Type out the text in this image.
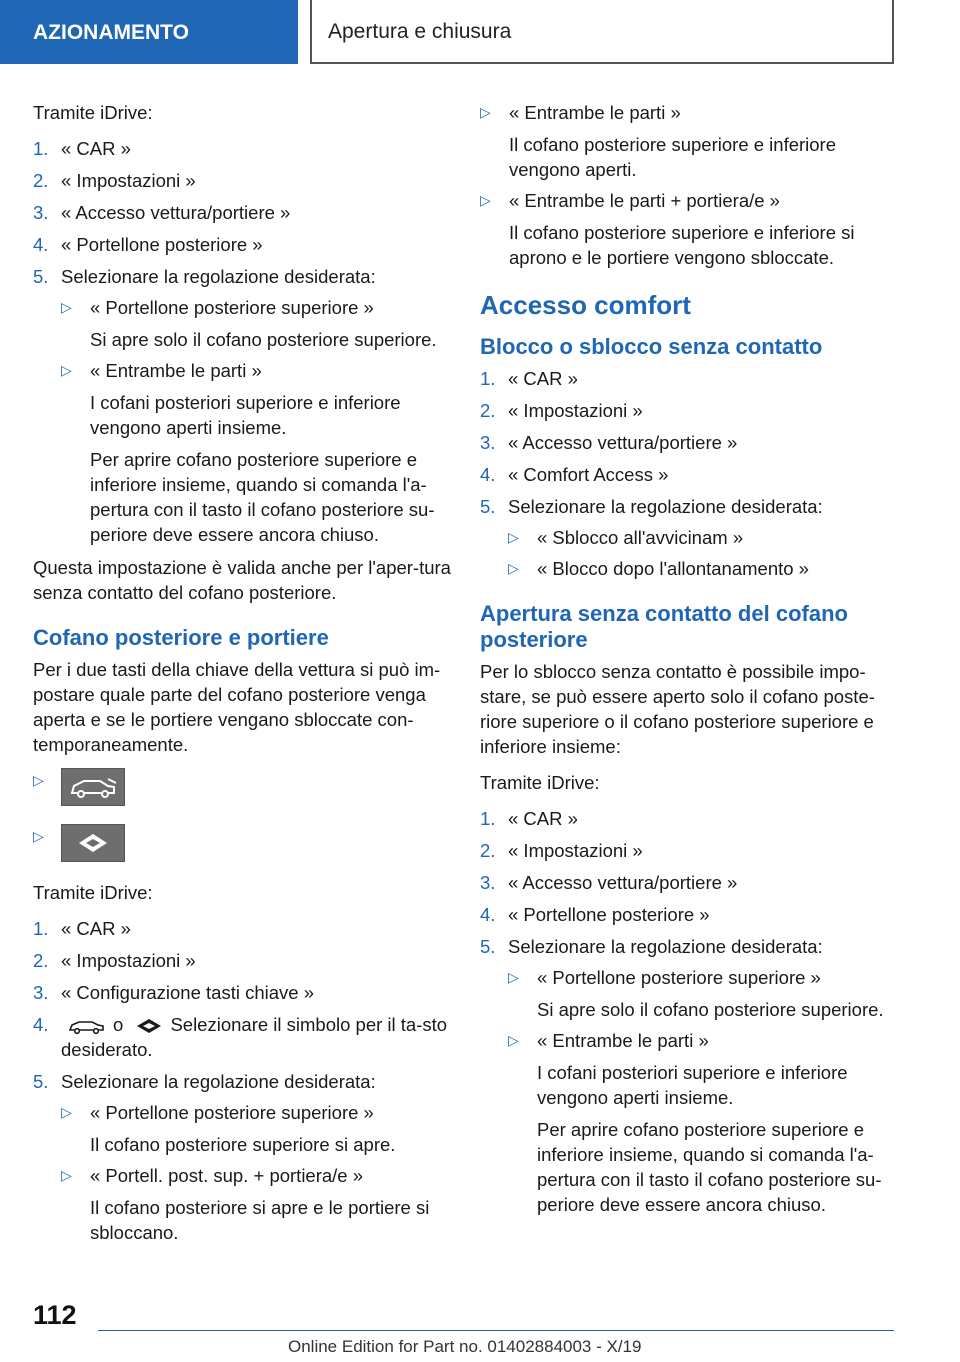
AZIONAMENTO	Apertura e chiusura

Tramite iDrive:

1. « CAR »
2. « Impostazioni »
3. « Accesso vettura/portiere »
4. « Portellone posteriore »
5. Selezionare la regolazione desiderata:
▷ « Portellone posteriore superiore »
Si apre solo il cofano posteriore superiore.
▷ « Entrambe le parti »
I cofani posteriori superiore e inferiore vengono aperti insieme.
Per aprire cofano posteriore superiore e inferiore insieme, quando si comanda l'a-pertura con il tasto il cofano posteriore su-periore deve essere ancora chiuso.

Questa impostazione è valida anche per l'aper-tura senza contatto del cofano posteriore.

Cofano posteriore e portiere

Per i due tasti della chiave della vettura si può im-postare quale parte del cofano posteriore venga aperta e se le portiere vengano sbloccate con-temporaneamente.

▷
▷

Tramite iDrive:

1. « CAR »
2. « Impostazioni »
3. « Configurazione tasti chiave »
4.	o	Selezionare il simbolo per il ta-sto desiderato.
5. Selezionare la regolazione desiderata:
▷ « Portellone posteriore superiore »
Il cofano posteriore superiore si apre.
▷ « Portell. post. sup. + portiera/e »
Il cofano posteriore si apre e le portiere si sbloccano.
▷ « Entrambe le parti »
Il cofano posteriore superiore e inferiore vengono aperti.
▷ « Entrambe le parti + portiera/e »
Il cofano posteriore superiore e inferiore si aprono e le portiere vengono sbloccate.
Accesso comfort
Blocco o sblocco senza contatto
1. « CAR »
2. « Impostazioni »
3. « Accesso vettura/portiere »
4. « Comfort Access »
5. Selezionare la regolazione desiderata:
▷ « Sblocco all'avvicinam »
▷ « Blocco dopo l'allontanamento »
Apertura senza contatto del cofano posteriore

Per lo sblocco senza contatto è possibile impo-stare, se può essere aperto solo il cofano poste-riore superiore o il cofano posteriore superiore e inferiore insieme:

Tramite iDrive:

1. « CAR »
2. « Impostazioni »
3. « Accesso vettura/portiere »
4. « Portellone posteriore »
5. Selezionare la regolazione desiderata:
▷ « Portellone posteriore superiore »
Si apre solo il cofano posteriore superiore.
▷ « Entrambe le parti »
I cofani posteriori superiore e inferiore vengono aperti insieme.
Per aprire cofano posteriore superiore e inferiore insieme, quando si comanda l'a-pertura con il tasto il cofano posteriore su-periore deve essere ancora chiuso.
112
Online Edition for Part no. 01402884003 - X/19
